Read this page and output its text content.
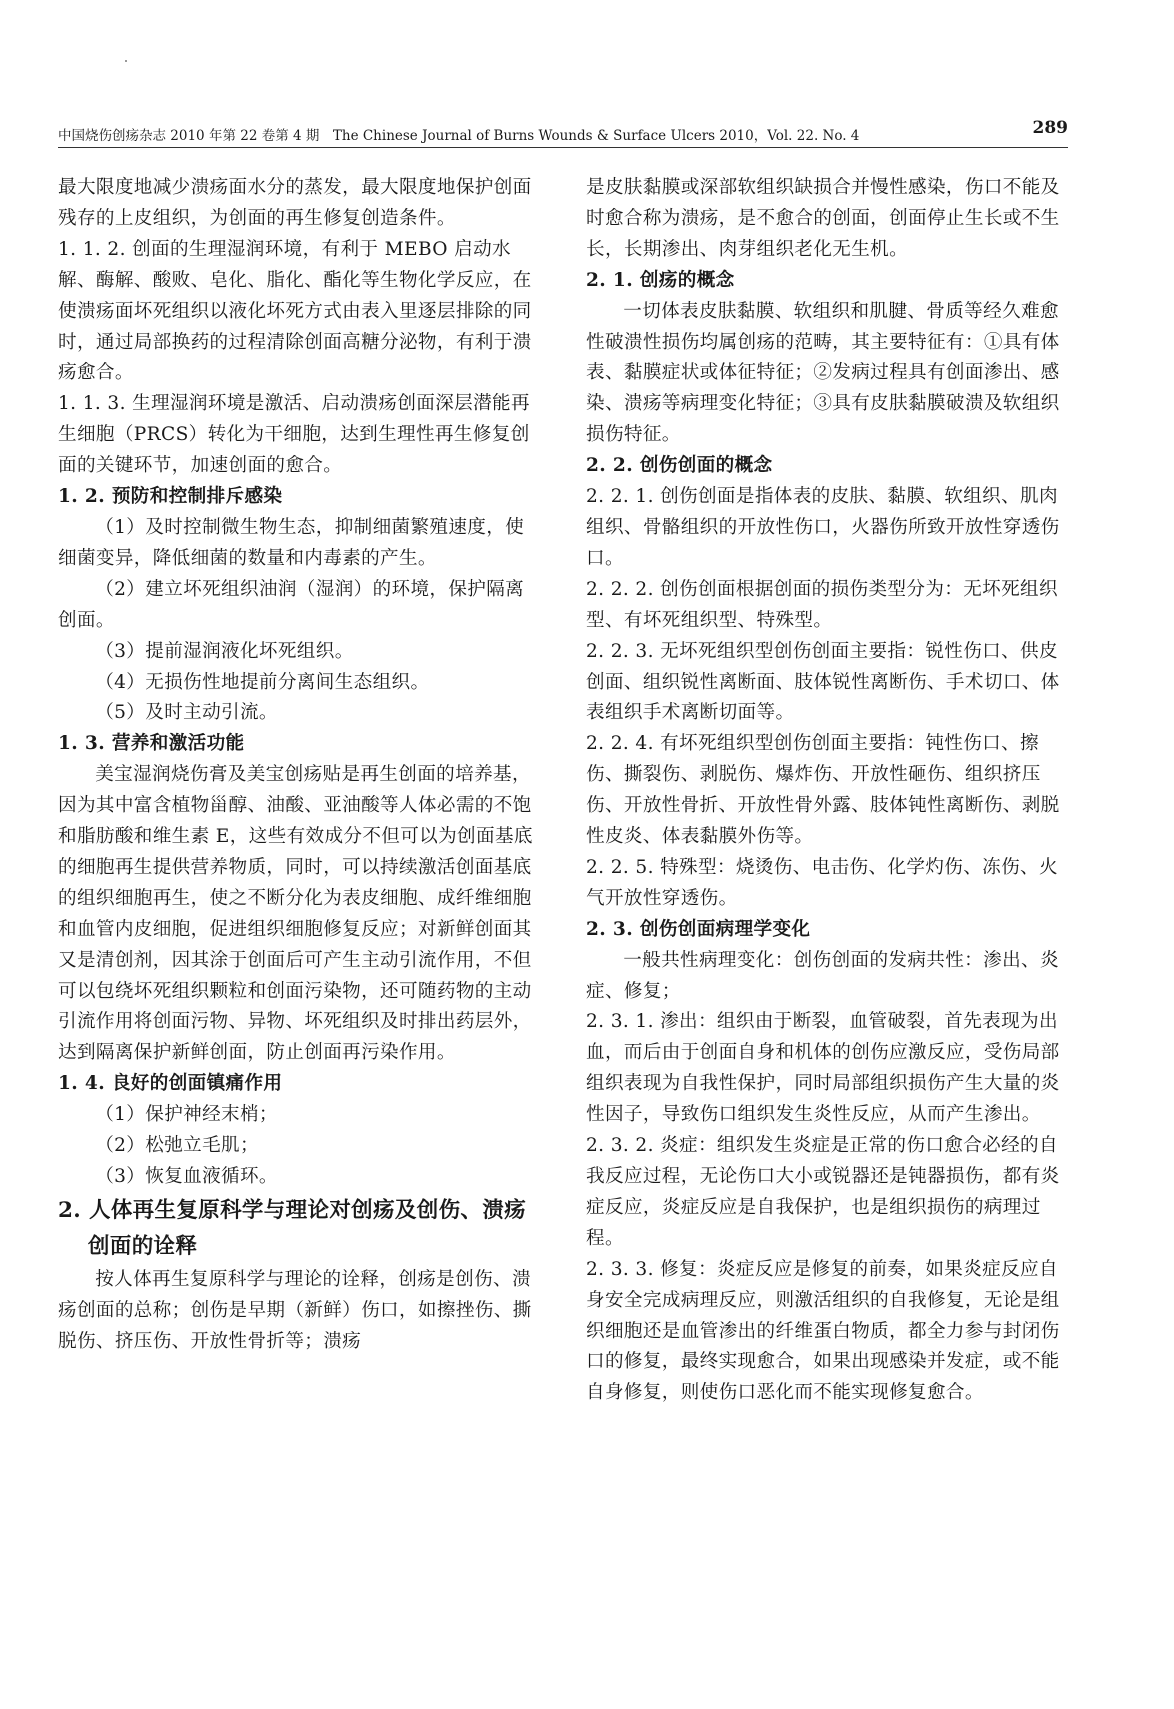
中国烧伤创疡杂志 2010 年第 22 卷第 4 期　The Chinese Journal of Burns Wounds & Surface Ulcers 2010，Vol. 22. No. 4	289

最大限度地减少溃疡面水分的蒸发，最大限度地保护创面残存的上皮组织，为创面的再生修复创造条件。

1. 1. 2. 创面的生理湿润环境，有利于 MEBO 启动水解、酶解、酸败、皂化、脂化、酯化等生物化学反应，在使溃疡面坏死组织以液化坏死方式由表入里逐层排除的同时，通过局部换药的过程清除创面高糖分泌物，有利于溃疡愈合。

1. 1. 3. 生理湿润环境是激活、启动溃疡创面深层潜能再生细胞（PRCS）转化为干细胞，达到生理性再生修复创面的关键环节，加速创面的愈合。

1. 2. 预防和控制排斥感染

（1）及时控制微生物生态，抑制细菌繁殖速度，使细菌变异，降低细菌的数量和内毒素的产生。

（2）建立坏死组织油润（湿润）的环境，保护隔离创面。

（3）提前湿润液化坏死组织。

（4）无损伤性地提前分离间生态组织。

（5）及时主动引流。

1. 3. 营养和激活功能

美宝湿润烧伤膏及美宝创疡贴是再生创面的培养基，因为其中富含植物甾醇、油酸、亚油酸等人体必需的不饱和脂肪酸和维生素 E，这些有效成分不但可以为创面基底的细胞再生提供营养物质，同时，可以持续激活创面基底的组织细胞再生，使之不断分化为表皮细胞、成纤维细胞和血管内皮细胞，促进组织细胞修复反应；对新鲜创面其又是清创剂，因其涂于创面后可产生主动引流作用，不但可以包绕坏死组织颗粒和创面污染物，还可随药物的主动引流作用将创面污物、异物、坏死组织及时排出药层外，达到隔离保护新鲜创面，防止创面再污染作用。

1. 4. 良好的创面镇痛作用

（1）保护神经末梢；

（2）松弛立毛肌；

（3）恢复血液循环。

2. 人体再生复原科学与理论对创疡及创伤、溃疡创面的诠释

按人体再生复原科学与理论的诠释，创疡是创伤、溃疡创面的总称；创伤是早期（新鲜）伤口，如擦挫伤、撕脱伤、挤压伤、开放性骨折等；溃疡

是皮肤黏膜或深部软组织缺损合并慢性感染，伤口不能及时愈合称为溃疡，是不愈合的创面，创面停止生长或不生长，长期渗出、肉芽组织老化无生机。

2. 1. 创疡的概念

一切体表皮肤黏膜、软组织和肌腱、骨质等经久难愈性破溃性损伤均属创疡的范畴，其主要特征有：①具有体表、黏膜症状或体征特征；②发病过程具有创面渗出、感染、溃疡等病理变化特征；③具有皮肤黏膜破溃及软组织损伤特征。

2. 2. 创伤创面的概念

2. 2. 1. 创伤创面是指体表的皮肤、黏膜、软组织、肌肉组织、骨骼组织的开放性伤口，火器伤所致开放性穿透伤口。

2. 2. 2. 创伤创面根据创面的损伤类型分为：无坏死组织型、有坏死组织型、特殊型。

2. 2. 3. 无坏死组织型创伤创面主要指：锐性伤口、供皮创面、组织锐性离断面、肢体锐性离断伤、手术切口、体表组织手术离断切面等。

2. 2. 4. 有坏死组织型创伤创面主要指：钝性伤口、擦伤、撕裂伤、剥脱伤、爆炸伤、开放性砸伤、组织挤压伤、开放性骨折、开放性骨外露、肢体钝性离断伤、剥脱性皮炎、体表黏膜外伤等。

2. 2. 5. 特殊型：烧烫伤、电击伤、化学灼伤、冻伤、火气开放性穿透伤。

2. 3. 创伤创面病理学变化

一般共性病理变化：创伤创面的发病共性：渗出、炎症、修复；

2. 3. 1. 渗出：组织由于断裂，血管破裂，首先表现为出血，而后由于创面自身和机体的创伤应激反应，受伤局部组织表现为自我性保护，同时局部组织损伤产生大量的炎性因子，导致伤口组织发生炎性反应，从而产生渗出。

2. 3. 2. 炎症：组织发生炎症是正常的伤口愈合必经的自我反应过程，无论伤口大小或锐器还是钝器损伤，都有炎症反应，炎症反应是自我保护，也是组织损伤的病理过程。

2. 3. 3. 修复：炎症反应是修复的前奏，如果炎症反应自身安全完成病理反应，则激活组织的自我修复，无论是组织细胞还是血管渗出的纤维蛋白物质，都全力参与封闭伤口的修复，最终实现愈合，如果出现感染并发症，或不能自身修复，则使伤口恶化而不能实现修复愈合。
